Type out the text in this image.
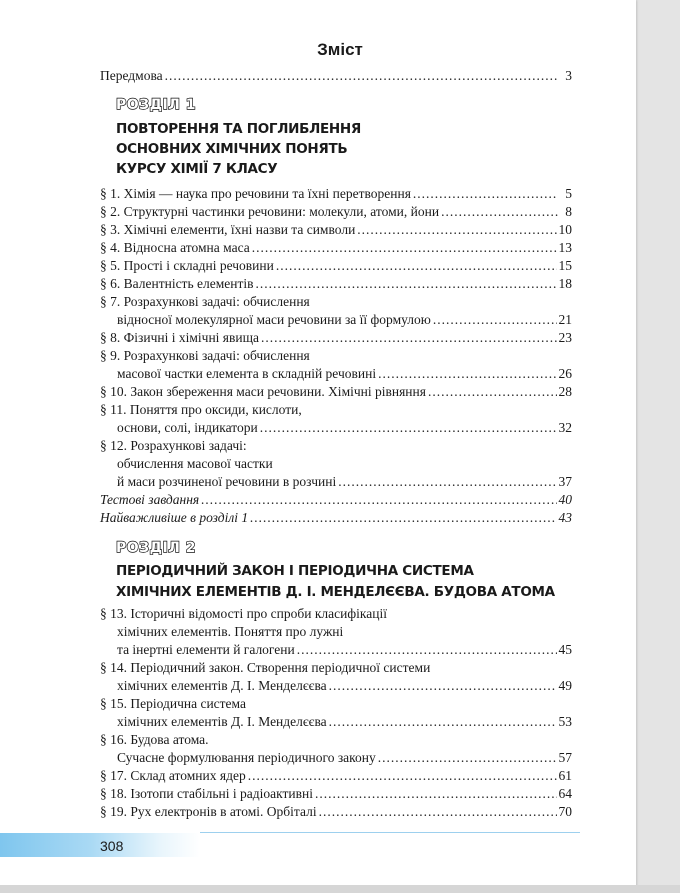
Зміст
Передмова .....	3
РОЗДІЛ 1
ПОВТОРЕННЯ ТА ПОГЛИБЛЕННЯ
ОСНОВНИХ ХІМІЧНИХ ПОНЯТЬ
КУРСУ ХІМІЇ 7 КЛАСУ
§ 1. Хімія — наука про речовини та їхні перетворення .....	5
§ 2. Структурні частинки речовини: молекули, атоми, йони .....	8
§ 3. Хімічні елементи, їхні назви та символи .....	10
§ 4. Відносна атомна маса .....	13
§ 5. Прості і складні речовини .....	15
§ 6. Валентність елементів .....	18
§ 7. Розрахункові задачі: обчислення
відносної молекулярної маси речовини за її формулою .....	21
§ 8. Фізичні і хімічні явища .....	23
§ 9. Розрахункові задачі: обчислення
масової частки елемента в складній речовині .....	26
§ 10. Закон збереження маси речовини. Хімічні рівняння .....	28
§ 11. Поняття про оксиди, кислоти,
основи, солі, індикатори .....	32
§ 12. Розрахункові задачі:
обчислення масової частки
й маси розчиненої речовини в розчині .....	37
Тестові завдання .....	40
Найважливіше в розділі 1 .....	43
РОЗДІЛ 2
ПЕРІОДИЧНИЙ ЗАКОН І ПЕРІОДИЧНА СИСТЕМА
ХІМІЧНИХ ЕЛЕМЕНТІВ Д. І. МЕНДЕЛЄЄВА. БУДОВА АТОМА
§ 13. Історичні відомості про спроби класифікації
хімічних елементів. Поняття про лужні
та інертні елементи й галогени .....	45
§ 14. Періодичний закон. Створення періодичної системи
хімічних елементів Д. І. Менделєєва .....	49
§ 15. Періодична система
хімічних елементів Д. І. Менделєєва .....	53
§ 16. Будова атома.
Сучасне формулювання періодичного закону .....	57
§ 17. Склад атомних ядер .....	61
§ 18. Ізотопи стабільні і радіоактивні .....	64
§ 19. Рух електронів в атомі. Орбіталі .....	70
308
